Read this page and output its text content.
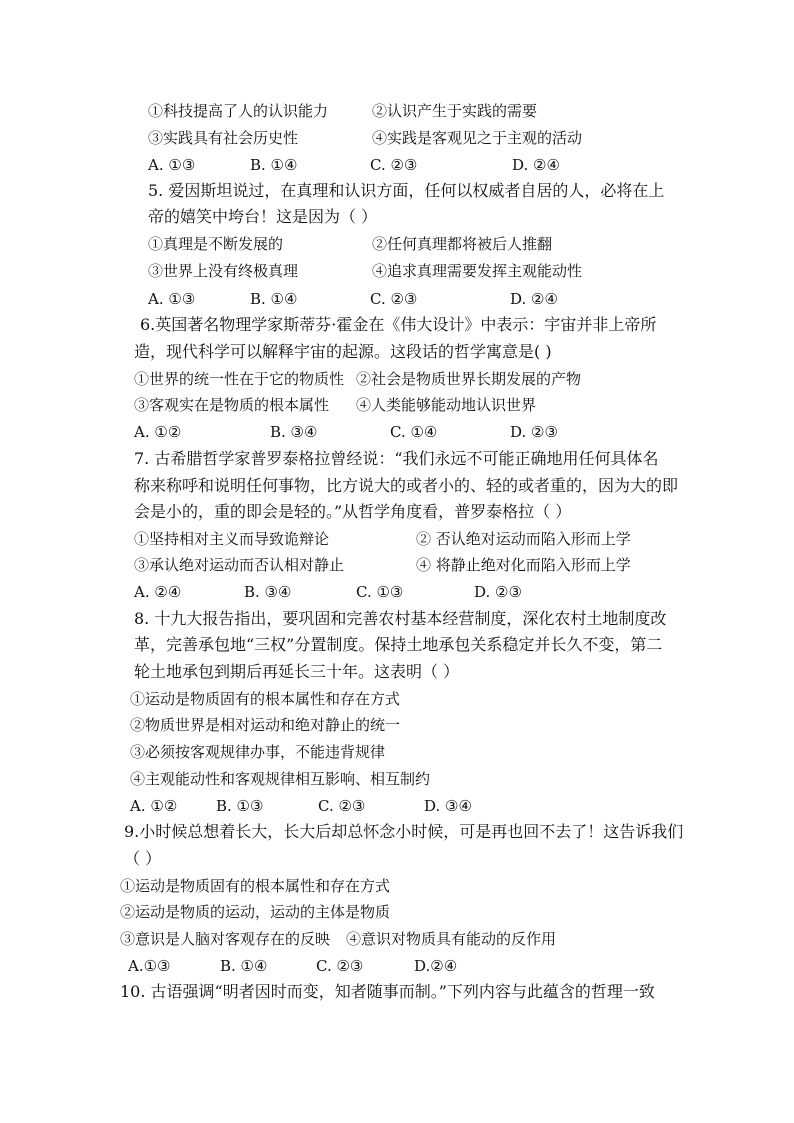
①科技提高了人的认识能力	②认识产生于实践的需要
③实践具有社会历史性	④实践是客观见之于主观的活动
A. ①③	B. ①④	C. ②③	D. ②④
5. 爱因斯坦说过，在真理和认识方面，任何以权威者自居的人，必将在上
帝的嬉笑中垮台！这是因为（ ）
①真理是不断发展的	②任何真理都将被后人推翻
③世界上没有终极真理	④追求真理需要发挥主观能动性
A. ①③	B. ①④	C. ②③	D. ②④
6.英国著名物理学家斯蒂芬·霍金在《伟大设计》中表示：宇宙并非上帝所
造，现代科学可以解释宇宙的起源。这段话的哲学寓意是( )
①世界的统一性在于它的物质性 ②社会是物质世界长期发展的产物
③客观实在是物质的根本属性 ④人类能够能动地认识世界
A. ①②	B. ③④	C. ①④	D. ②③
7. 古希腊哲学家普罗泰格拉曾经说：“我们永远不可能正确地用任何具体名
称来称呼和说明任何事物，比方说大的或者小的、轻的或者重的，因为大的即
会是小的，重的即会是轻的。”从哲学角度看，普罗泰格拉（ ）
①坚持相对主义而导致诡辩论	② 否认绝对运动而陷入形而上学
③承认绝对运动而否认相对静止	④ 将静止绝对化而陷入形而上学
A. ②④	B. ③④	C. ①③	D. ②③
8. 十九大报告指出，要巩固和完善农村基本经营制度，深化农村土地制度改
革，完善承包地“三权”分置制度。保持土地承包关系稳定并长久不变，第二
轮土地承包到期后再延长三十年。这表明（ ）
①运动是物质固有的根本属性和存在方式
②物质世界是相对运动和绝对静止的统一
③必须按客观规律办事，不能违背规律
④主观能动性和客观规律相互影响、相互制约
A. ①②	B. ①③	C. ②③	D. ③④
9.小时候总想着长大，长大后却总怀念小时候，可是再也回不去了！这告诉我们
（ ）
①运动是物质固有的根本属性和存在方式
②运动是物质的运动，运动的主体是物质
③意识是人脑对客观存在的反映 ④意识对物质具有能动的反作用
A.①③	B. ①④	C. ②③	D.②④
10. 古语强调“明者因时而变，知者随事而制。”下列内容与此蕴含的哲理一致
